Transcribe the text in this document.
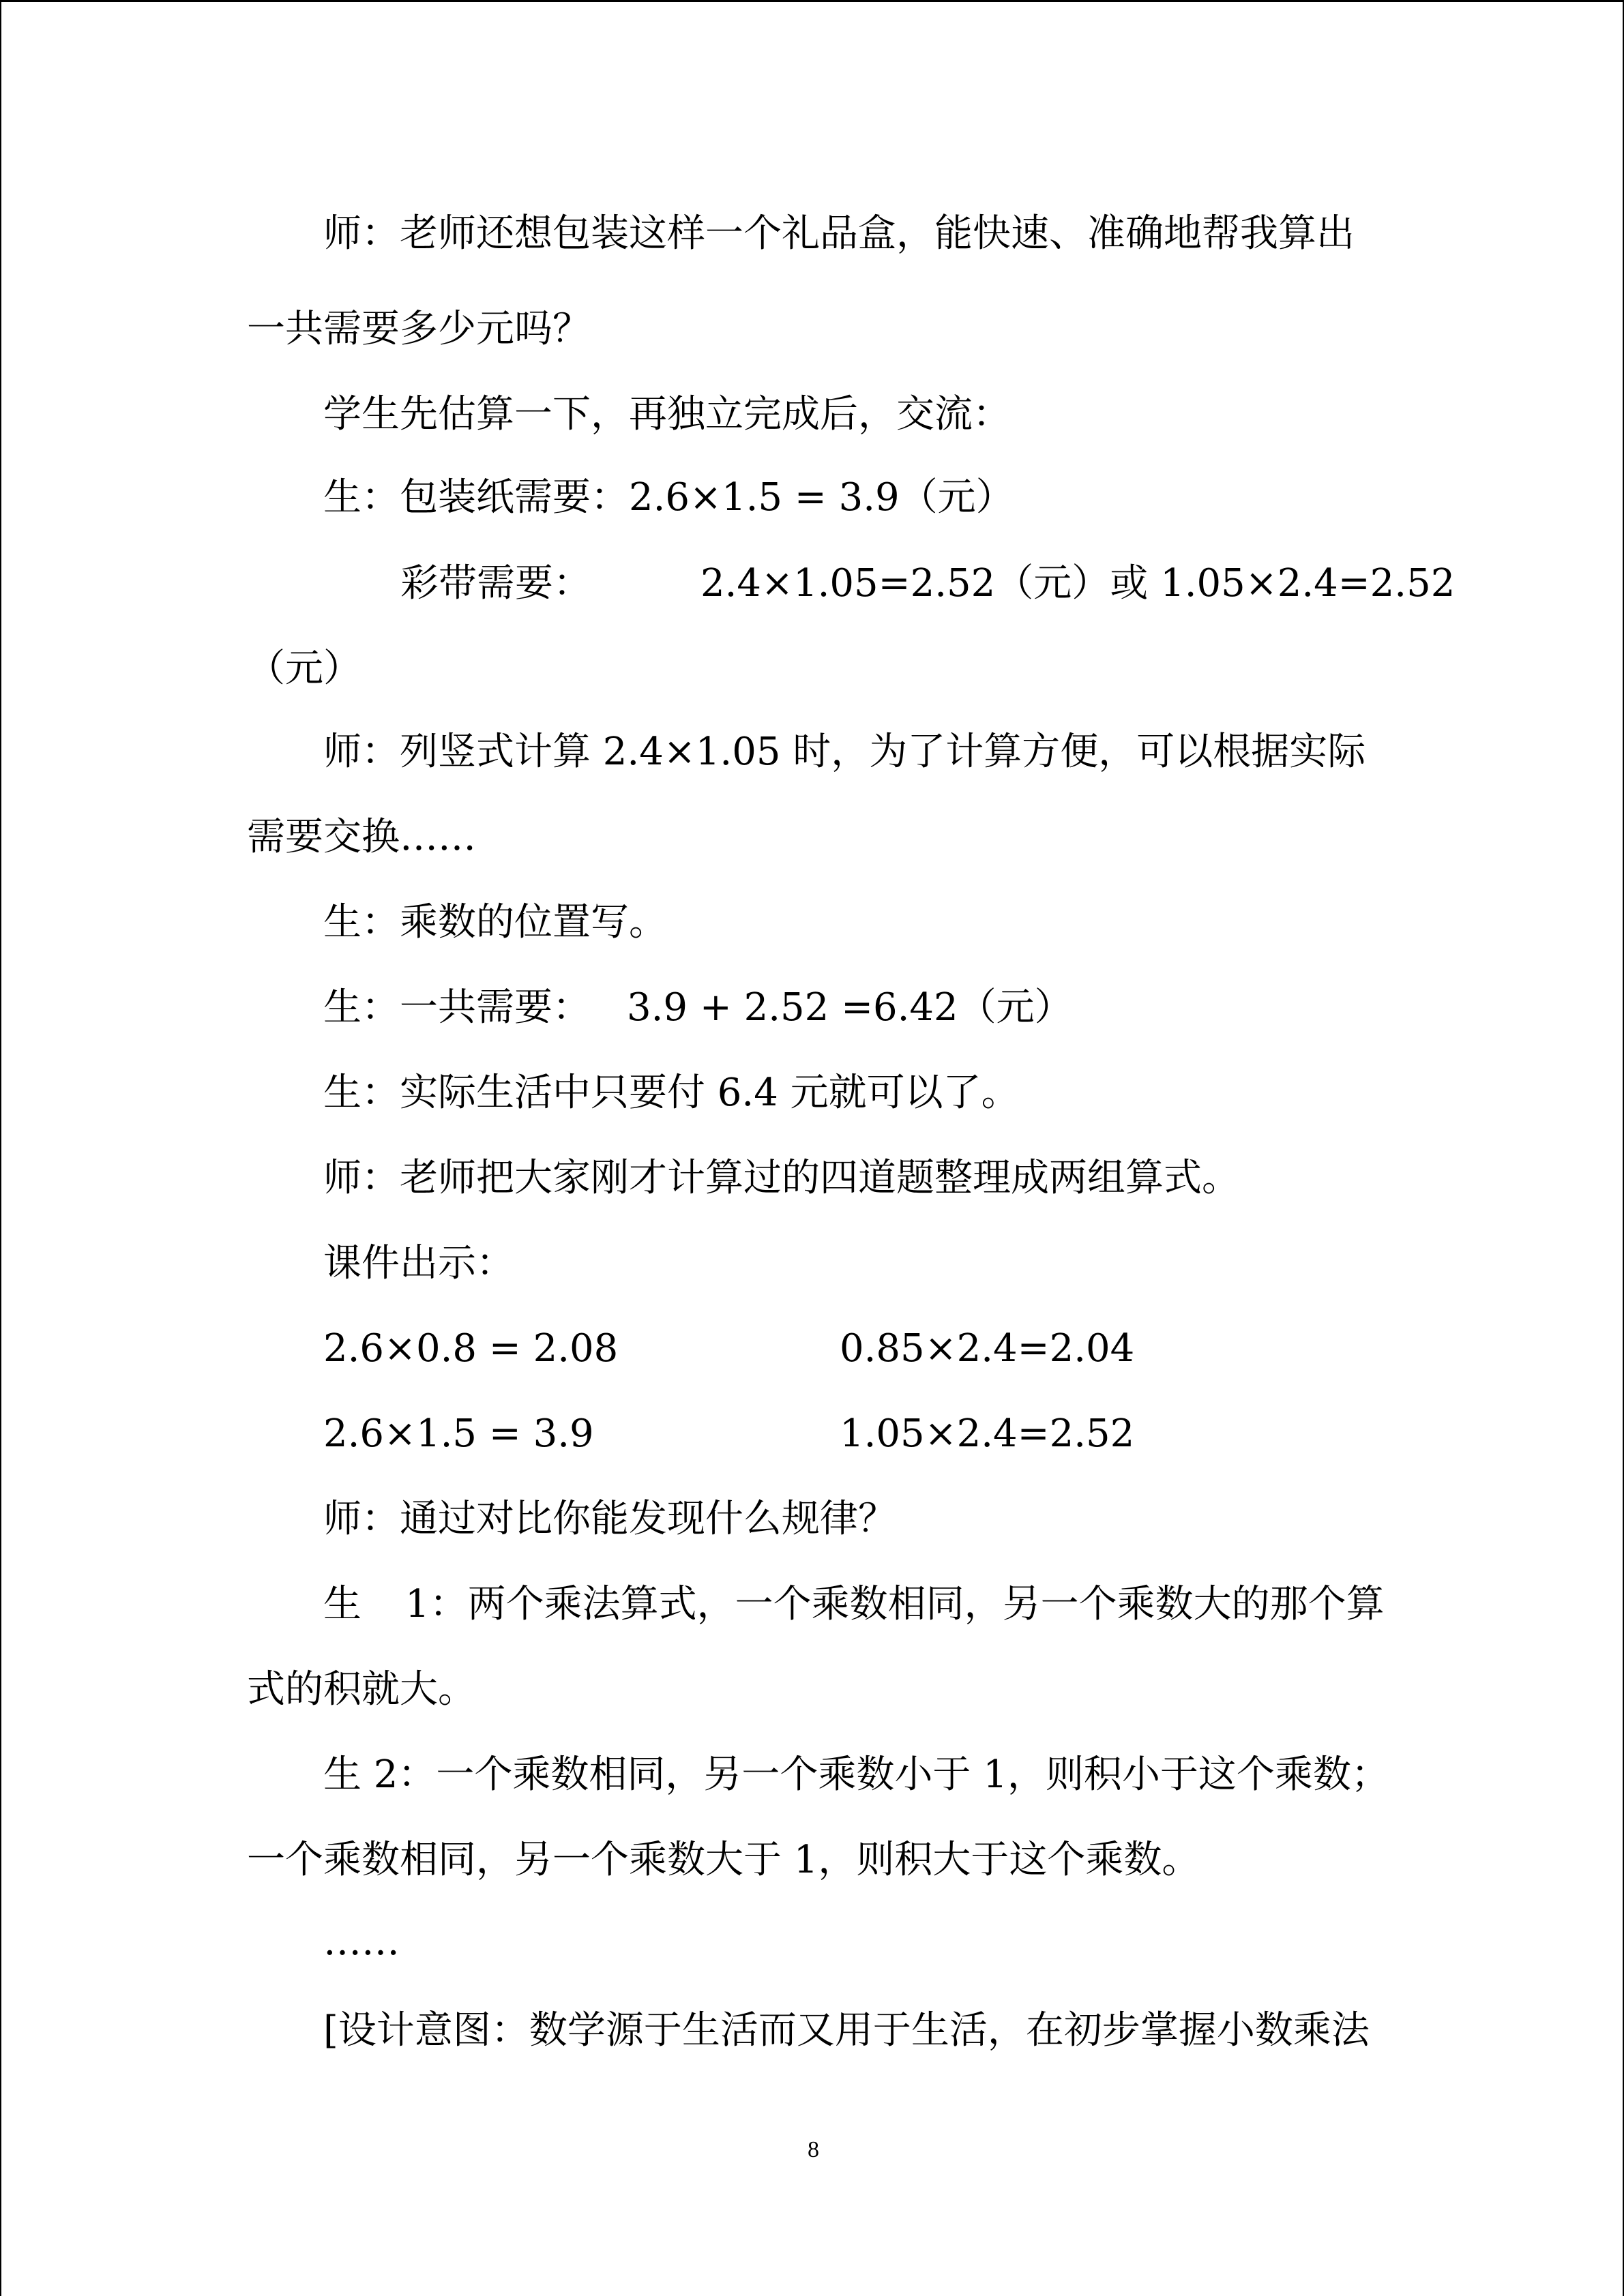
师：老师还想包装这样一个礼品盒，能快速、准确地帮我算出

一共需要多少元吗？

学生先估算一下，再独立完成后，交流：

生：包装纸需要：2.6×1.5 = 3.9（元）

彩带需要：	2.4×1.05=2.52（元）或 1.05×2.4=2.52

（元）

师：列竖式计算 2.4×1.05 时，为了计算方便，可以根据实际

需要交换……

生：乘数的位置写。

生：一共需要： 3.9 + 2.52 =6.42（元）

生：实际生活中只要付 6.4 元就可以了。

师：老师把大家刚才计算过的四道题整理成两组算式。

课件出示：

2.6×0.8 = 2.08	0.85×2.4=2.04
2.6×1.5 = 3.9	1.05×2.4=2.52

师：通过对比你能发现什么规律？

生 1：两个乘法算式，一个乘数相同，另一个乘数大的那个算

式的积就大。

生 2：一个乘数相同，另一个乘数小于 1，则积小于这个乘数；

一个乘数相同，另一个乘数大于 1，则积大于这个乘数。

……

[设计意图：数学源于生活而又用于生活，在初步掌握小数乘法

8
